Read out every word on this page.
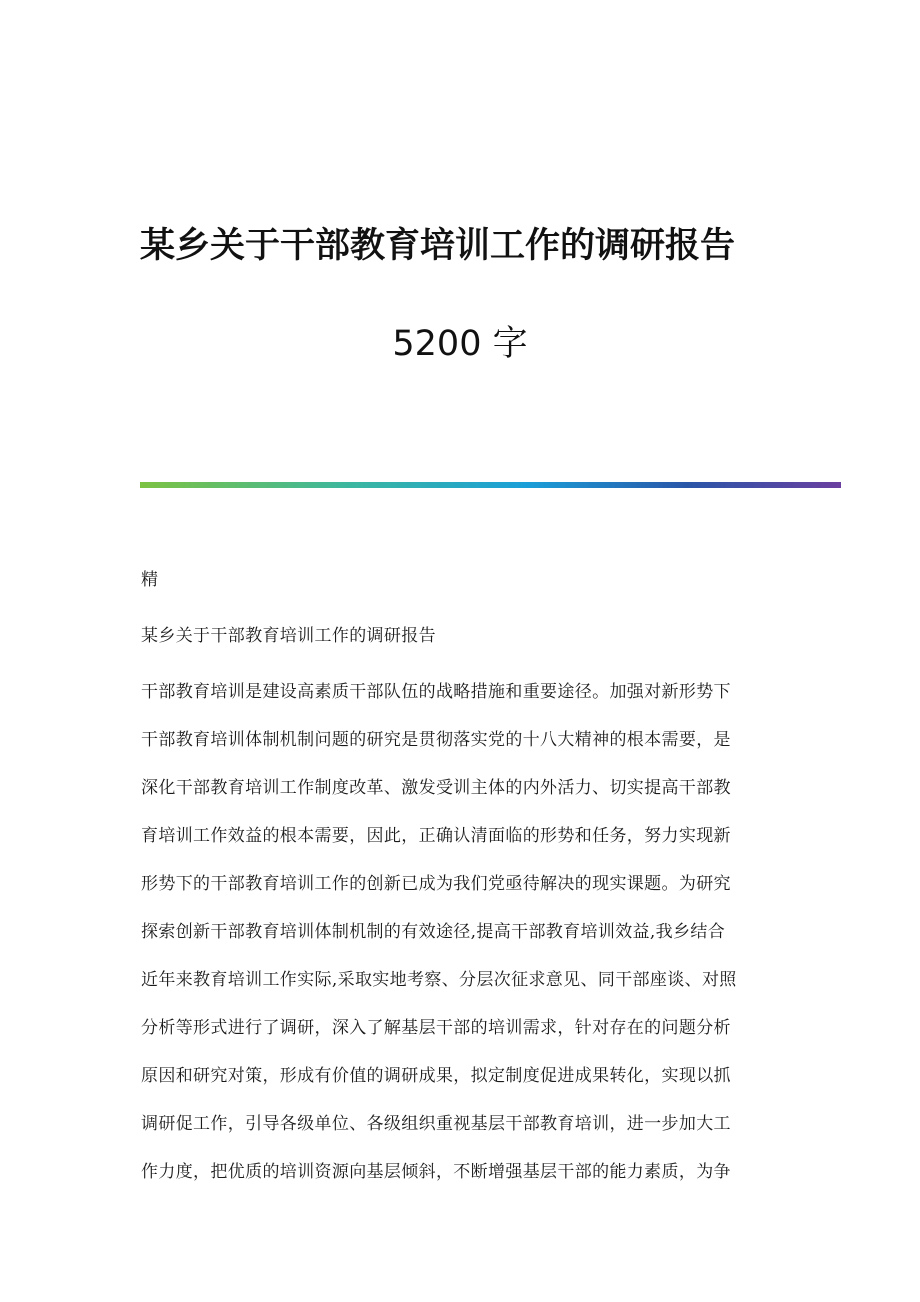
某乡关于干部教育培训工作的调研报告
5200 字
精
某乡关于干部教育培训工作的调研报告
干部教育培训是建设高素质干部队伍的战略措施和重要途径。加强对新形势下
干部教育培训体制机制问题的研究是贯彻落实党的十八大精神的根本需要，是
深化干部教育培训工作制度改革、激发受训主体的内外活力、切实提高干部教
育培训工作效益的根本需要，因此，正确认清面临的形势和任务，努力实现新
形势下的干部教育培训工作的创新已成为我们党亟待解决的现实课题。为研究
探索创新干部教育培训体制机制的有效途径,提高干部教育培训效益,我乡结合
近年来教育培训工作实际,采取实地考察、分层次征求意见、同干部座谈、对照
分析等形式进行了调研，深入了解基层干部的培训需求，针对存在的问题分析
原因和研究对策，形成有价值的调研成果，拟定制度促进成果转化，实现以抓
调研促工作，引导各级单位、各级组织重视基层干部教育培训，进一步加大工
作力度，把优质的培训资源向基层倾斜，不断增强基层干部的能力素质，为争
